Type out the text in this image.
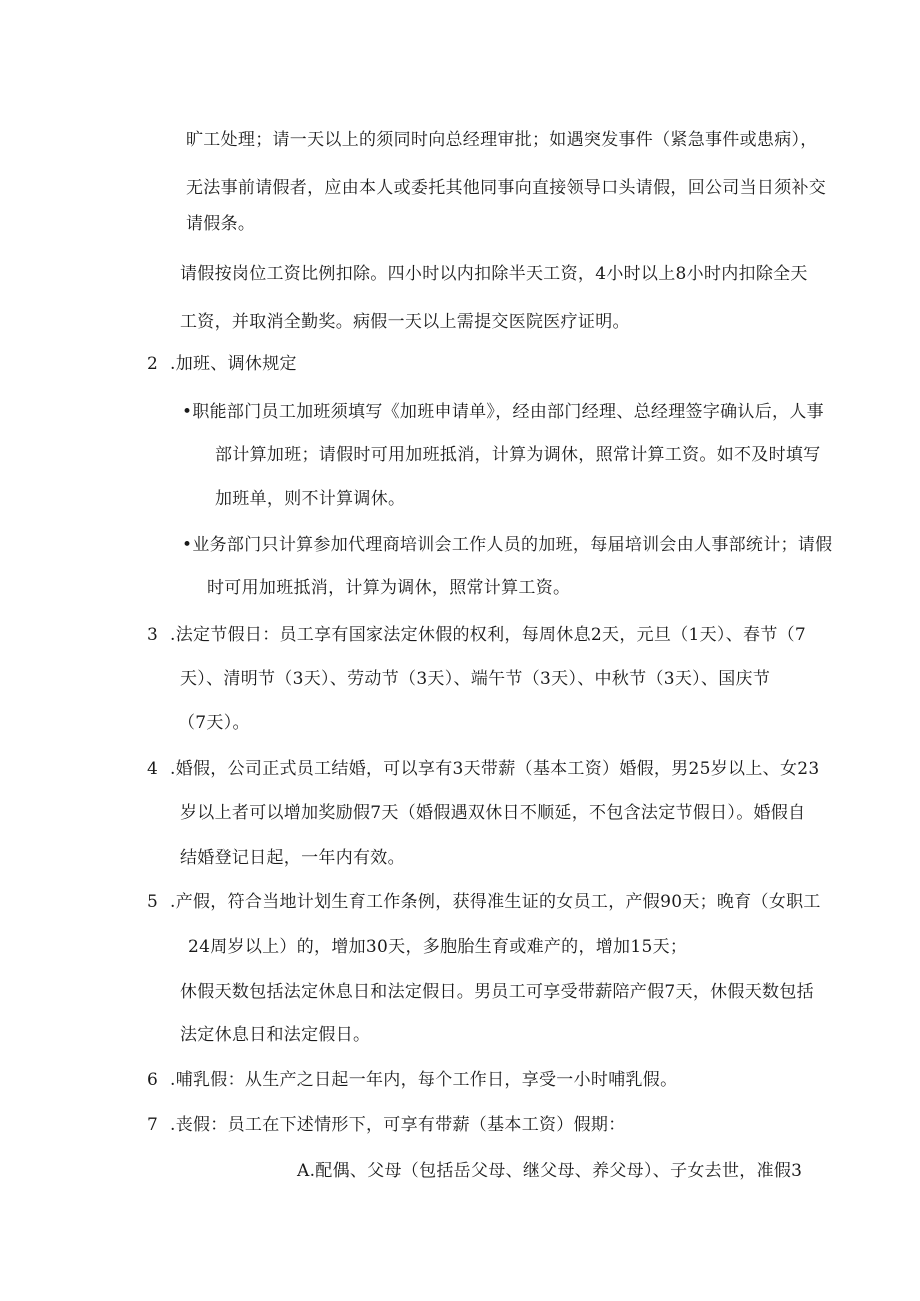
旷工处理；请一天以上的须同时向总经理审批；如遇突发事件（紧急事件或患病），
无法事前请假者，应由本人或委托其他同事向直接领导口头请假，回公司当日须补交
请假条。
请假按岗位工资比例扣除。四小时以内扣除半天工资，4小时以上8小时内扣除全天
工资，并取消全勤奖。病假一天以上需提交医院医疗证明。
2 .加班、调休规定
•职能部门员工加班须填写《加班申请单》，经由部门经理、总经理签字确认后，人事
部计算加班；请假时可用加班抵消，计算为调休，照常计算工资。如不及时填写
加班单，则不计算调休。
•业务部门只计算参加代理商培训会工作人员的加班，每届培训会由人事部统计；请假
时可用加班抵消，计算为调休，照常计算工资。
3 .法定节假日：员工享有国家法定休假的权利，每周休息2天，元旦（1天）、春节（7
天）、清明节（3天）、劳动节（3天）、端午节（3天）、中秋节（3天）、国庆节
（7天）。
4 .婚假，公司正式员工结婚，可以享有3天带薪（基本工资）婚假，男25岁以上、女23
岁以上者可以增加奖励假7天（婚假遇双休日不顺延，不包含法定节假日）。婚假自
结婚登记日起，一年内有效。
5 .产假，符合当地计划生育工作条例，获得准生证的女员工，产假90天；晚育（女职工
24周岁以上）的，增加30天，多胞胎生育或难产的，增加15天；
休假天数包括法定休息日和法定假日。男员工可享受带薪陪产假7天，休假天数包括
法定休息日和法定假日。
6 .哺乳假：从生产之日起一年内，每个工作日，享受一小时哺乳假。
7 .丧假：员工在下述情形下，可享有带薪（基本工资）假期：
A.配偶、父母（包括岳父母、继父母、养父母）、子女去世，准假3
